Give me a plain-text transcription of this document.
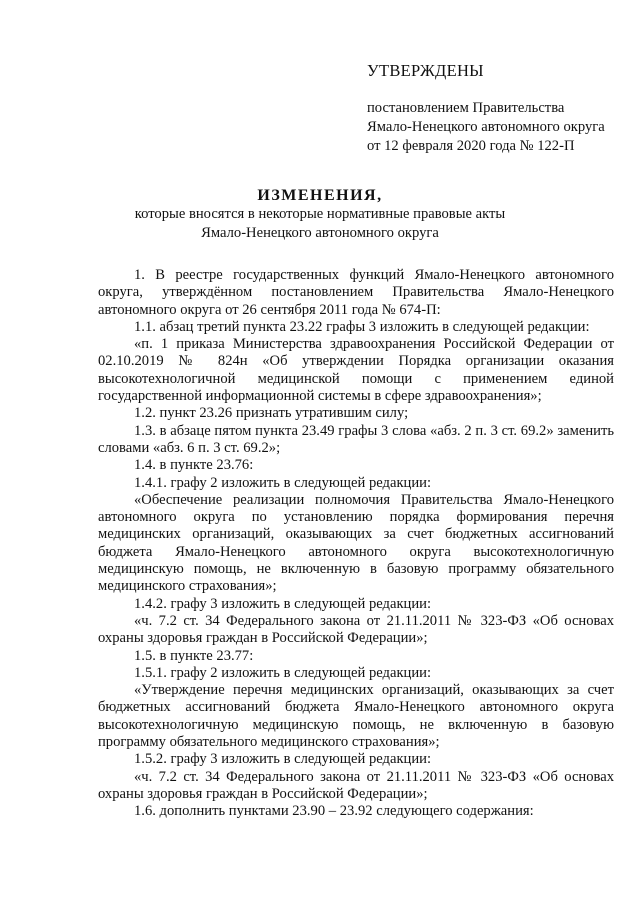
УТВЕРЖДЕНЫ
постановлением Правительства
Ямало-Ненецкого автономного округа
от 12 февраля 2020 года № 122-П
ИЗМЕНЕНИЯ,
которые вносятся в некоторые нормативные правовые акты
Ямало-Ненецкого автономного округа

1. В реестре государственных функций Ямало-Ненецкого автономного округа, утверждённом постановлением Правительства Ямало-Ненецкого автономного округа от 26 сентября 2011 года № 674-П:

1.1. абзац третий пункта 23.22 графы 3 изложить в следующей редакции:

«п. 1 приказа Министерства здравоохранения Российской Федерации от 02.10.2019 № 824н «Об утверждении Порядка организации оказания высокотехнологичной медицинской помощи с применением единой государственной информационной системы в сфере здравоохранения»;

1.2. пункт 23.26 признать утратившим силу;

1.3. в абзаце пятом пункта 23.49 графы 3 слова «абз. 2 п. 3 ст. 69.2» заменить словами «абз. 6 п. 3 ст. 69.2»;

1.4. в пункте 23.76:

1.4.1. графу 2 изложить в следующей редакции:

«Обеспечение реализации полномочия Правительства Ямало-Ненецкого автономного округа по установлению порядка формирования перечня медицинских организаций, оказывающих за счет бюджетных ассигнований бюджета Ямало-Ненецкого автономного округа высокотехнологичную медицинскую помощь, не включенную в базовую программу обязательного медицинского страхования»;

1.4.2. графу 3 изложить в следующей редакции:

«ч. 7.2 ст. 34 Федерального закона от 21.11.2011 № 323-ФЗ «Об основах охраны здоровья граждан в Российской Федерации»;

1.5. в пункте 23.77:

1.5.1. графу 2 изложить в следующей редакции:

«Утверждение перечня медицинских организаций, оказывающих за счет бюджетных ассигнований бюджета Ямало-Ненецкого автономного округа высокотехнологичную медицинскую помощь, не включенную в базовую программу обязательного медицинского страхования»;

1.5.2. графу 3 изложить в следующей редакции:

«ч. 7.2 ст. 34 Федерального закона от 21.11.2011 № 323-ФЗ «Об основах охраны здоровья граждан в Российской Федерации»;

1.6. дополнить пунктами 23.90 – 23.92 следующего содержания:
